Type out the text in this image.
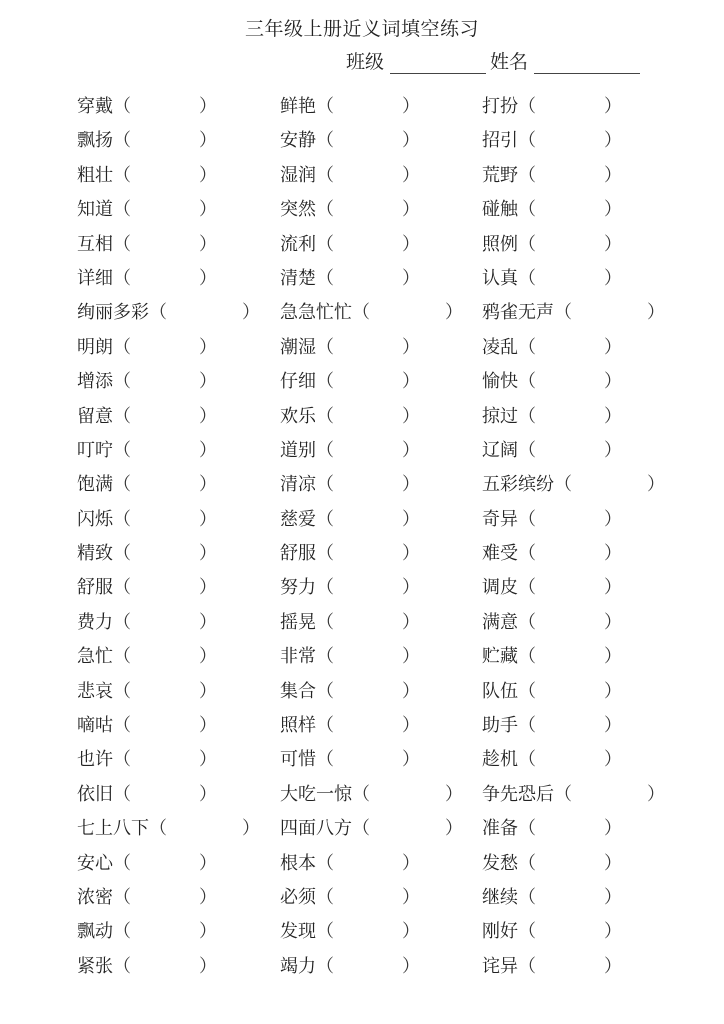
三年级上册近义词填空练习
班级	姓名
穿戴（	）	鲜艳（	）	打扮（	）
飘扬（	）	安静（	）	招引（	）
粗壮（	）	湿润（	）	荒野（	）
知道（	）	突然（	）	碰触（	）
互相（	）	流利（	）	照例（	）
详细（	）	清楚（	）	认真（	）
绚丽多彩（	） 急急忙忙（	） 鸦雀无声（	）
明朗（	）	潮湿（	）	凌乱（	）
增添（	）	仔细（	）	愉快（	）
留意（	）	欢乐（	）	掠过（	）
叮咛（	）	道别（	）	辽阔（	）
饱满（	）	清凉（	）	五彩缤纷（	）
闪烁（	）	慈爱（	）	奇异（	）
精致（	）	舒服（	）	难受（	）
舒服（	）	努力（	）	调皮（	）
费力（	）	摇晃（	）	满意（	）
急忙（	）	非常（	）	贮藏（	）
悲哀（	）	集合（	）	队伍（	）
嘀咕（	）	照样（	）	助手（	）
也许（	）	可惜（	）	趁机（	）
依旧（	）	大吃一惊（	） 争先恐后（	）
七上八下（	） 四面八方（	） 准备（	）
安心（	）	根本（	）	发愁（	）
浓密（	）	必须（	）	继续（	）
飘动（	）	发现（	）	刚好（	）
紧张（	）	竭力（	）	诧异（	）
